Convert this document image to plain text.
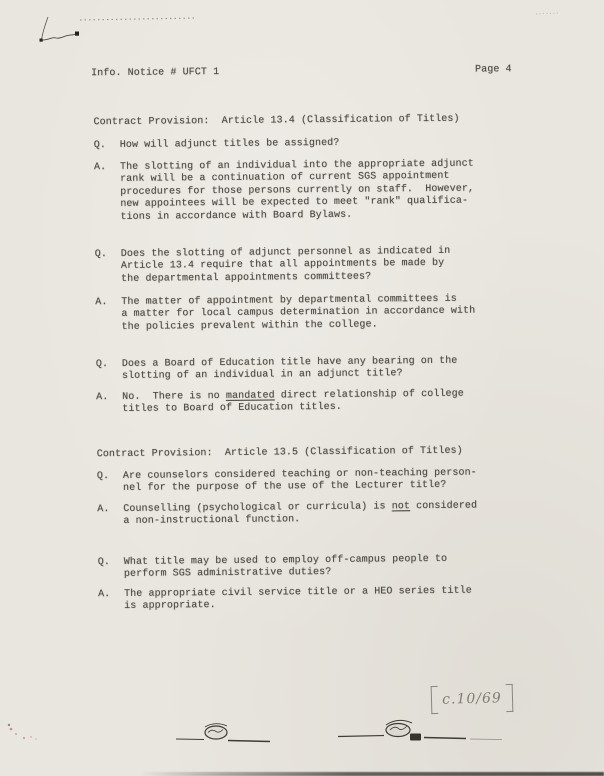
Info. Notice # UFCT 1	Page 4
Contract Provision:  Article 13.4 (Classification of Titles)
Q.	How will adjunct titles be assigned?
A.	The slotting of an individual into the appropriate adjunct
rank will be a continuation of current SGS appointment
procedures for those persons currently on staff.  However,
new appointees will be expected to meet "rank" qualifica-
tions in accordance with Board Bylaws.
Q.	Does the slotting of adjunct personnel as indicated in
Article 13.4 require that all appointments be made by
the departmental appointments committees?
A.	The matter of appointment by departmental committees is
a matter for local campus determination in accordance with
the policies prevalent within the college.
Q.	Does a Board of Education title have any bearing on the
slotting of an individual in an adjunct title?
A.	No.  There is no mandated direct relationship of college
titles to Board of Education titles.
Contract Provision:  Article 13.5 (Classification of Titles)
Q.	Are counselors considered teaching or non-teaching person-
nel for the purpose of the use of the Lecturer title?
A.	Counselling (psychological or curricula) is not considered
a non-instructional function.
Q.	What title may be used to employ off-campus people to
perform SGS administrative duties?
A.	The appropriate civil service title or a HEO series title
is appropriate.
c.10/69
